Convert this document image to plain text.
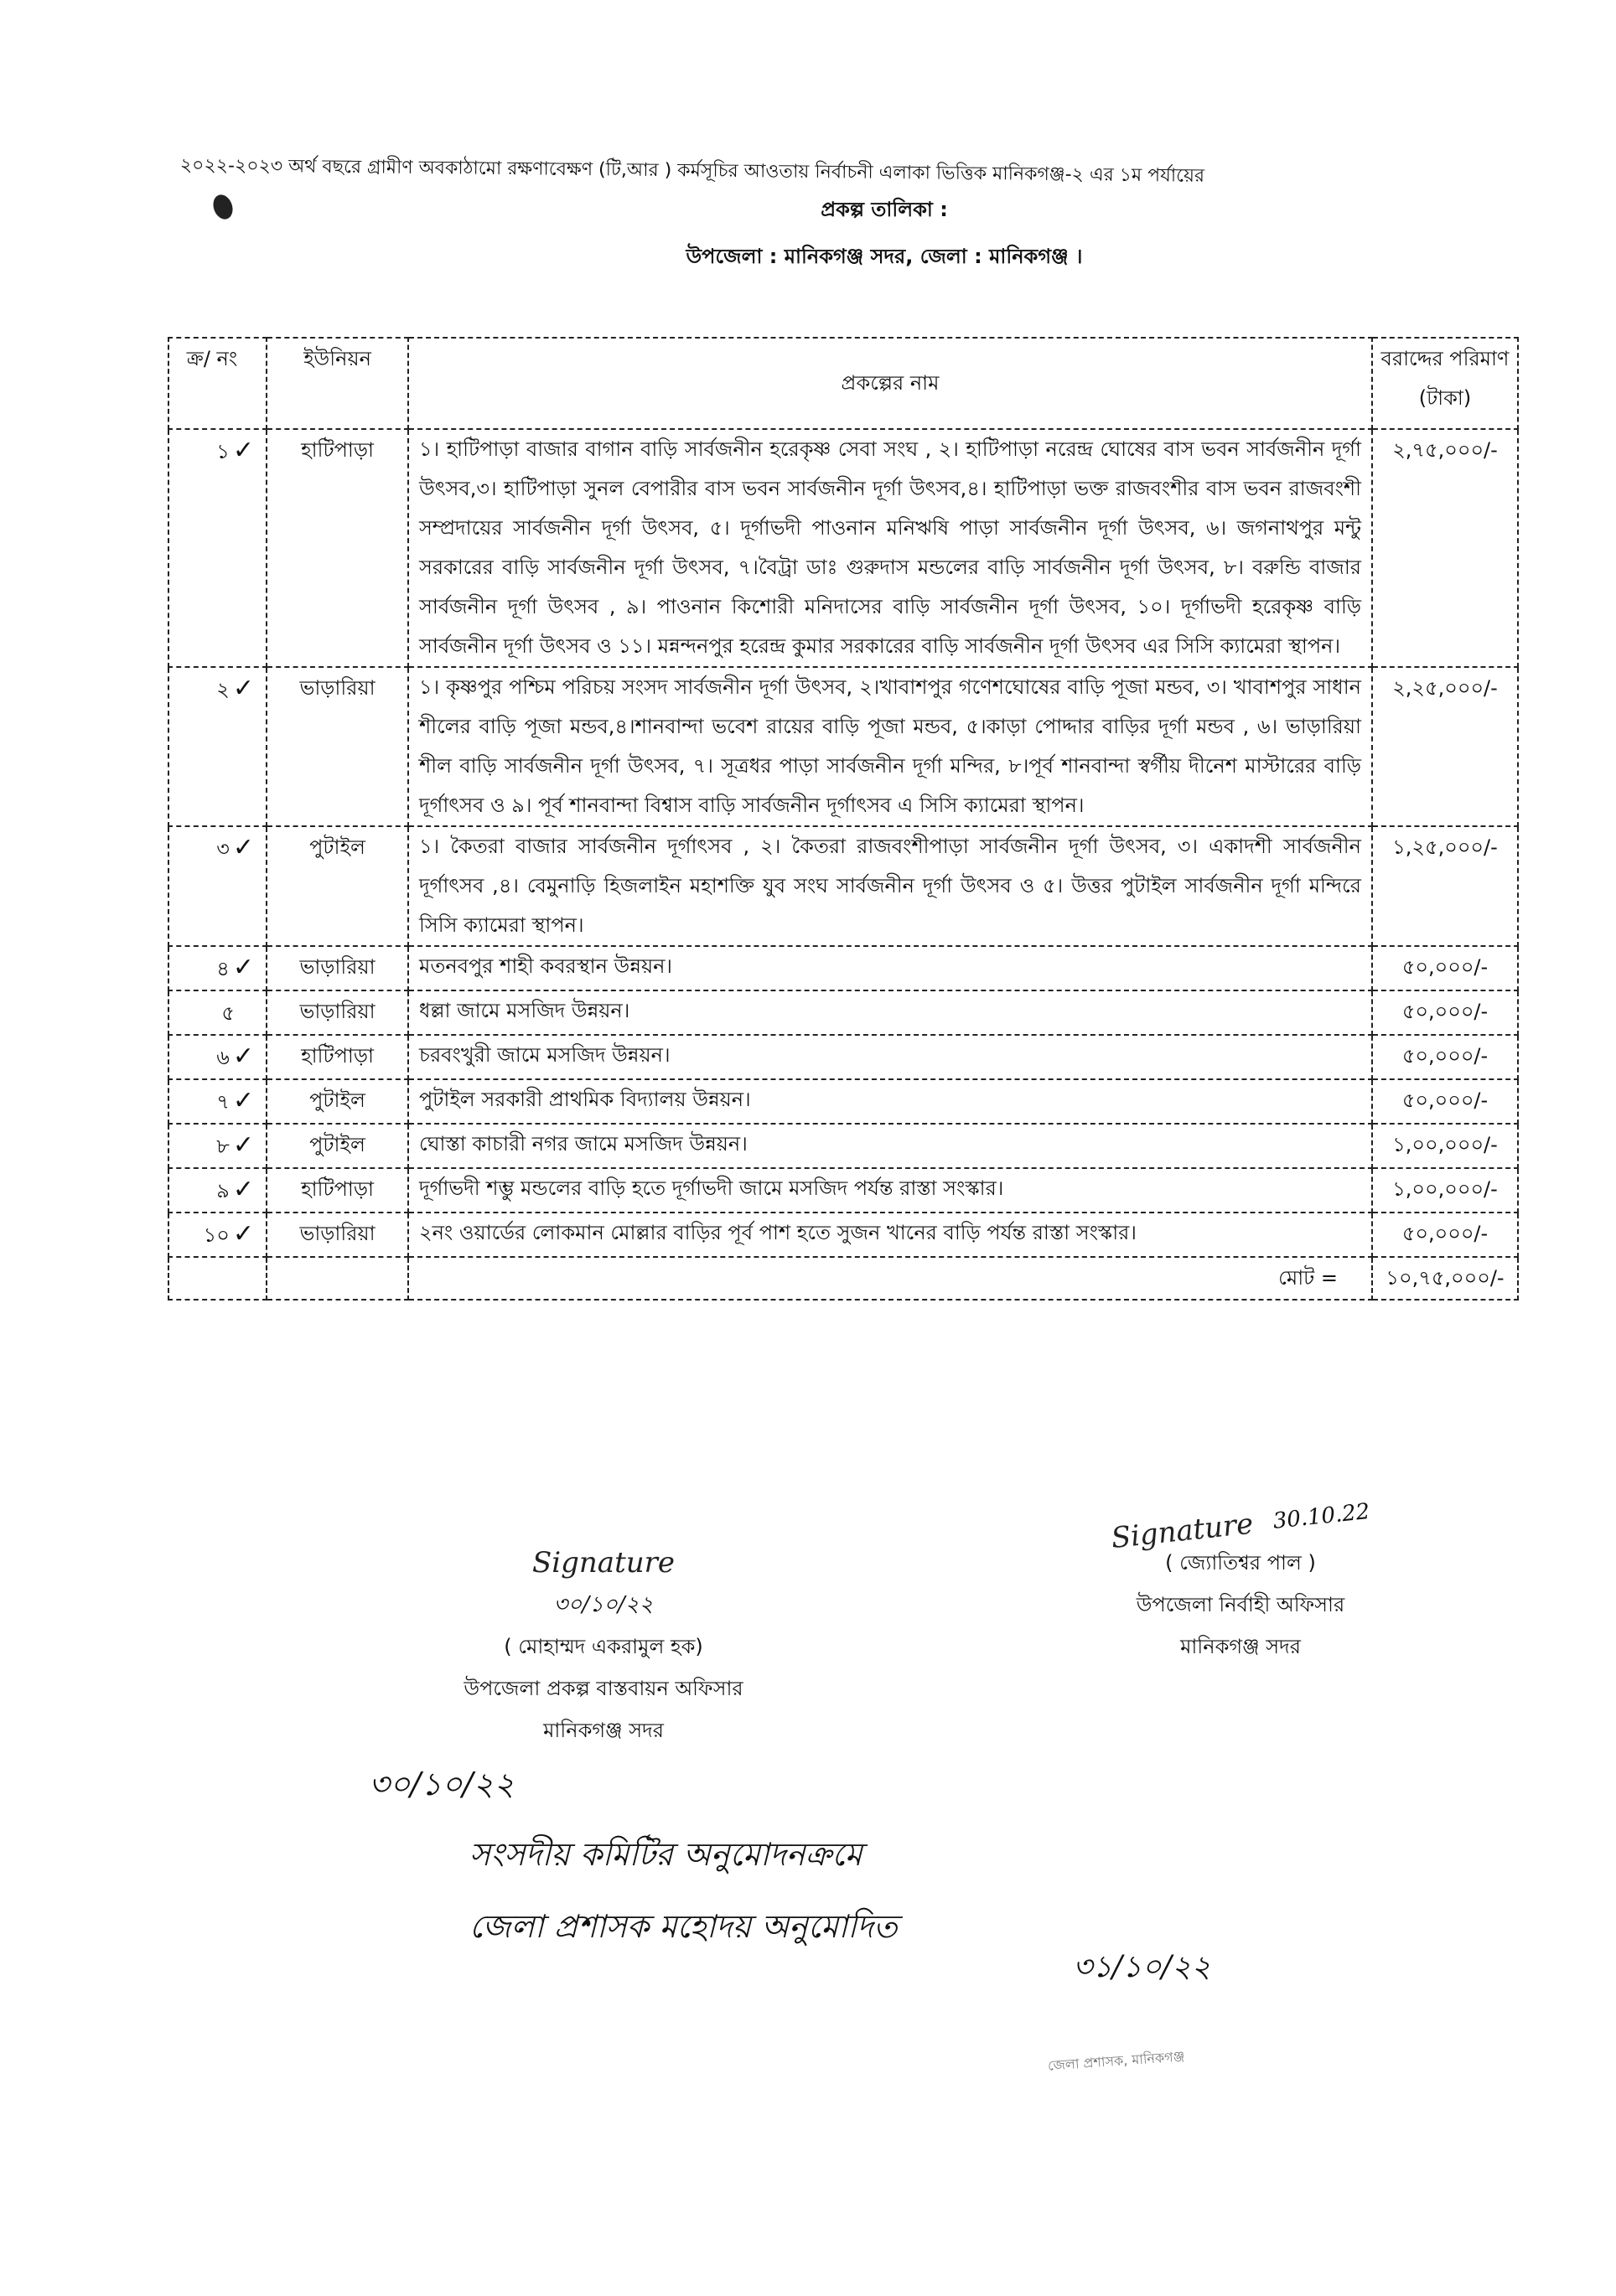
২০২২-২০২৩ অর্থ বছরে গ্রামীণ অবকাঠামো রক্ষণাবেক্ষণ (টি,আর ) কর্মসূচির আওতায় নির্বাচনী এলাকা ভিত্তিক মানিকগঞ্জ-২ এর ১ম পর্যায়ের
প্রকল্প তালিকা :
উপজেলা : মানিকগঞ্জ সদর, জেলা : মানিকগঞ্জ ।
ক্র/ নং	ইউনিয়ন	প্রকল্পের নাম	বরাদ্দের পরিমাণ
(টাকা)

১ ✓	হাটিপাড়া	১। হাটিপাড়া বাজার বাগান বাড়ি সার্বজনীন হরেকৃষ্ণ সেবা সংঘ , ২। হাটিপাড়া নরেন্দ্র ঘোষের বাস ভবন সার্বজনীন দূর্গা উৎসব,৩। হাটিপাড়া সুনল বেপারীর বাস ভবন সার্বজনীন দূর্গা উৎসব,৪। হাটিপাড়া ভক্ত রাজবংশীর বাস ভবন রাজবংশী সম্প্রদায়ের সার্বজনীন দূর্গা উৎসব, ৫। দূর্গাভদী পাওনান মনিঋষি পাড়া সার্বজনীন দূর্গা উৎসব, ৬। জগনাথপুর মন্টু সরকারের বাড়ি সার্বজনীন দূর্গা উৎসব, ৭।বৈট্রা ডাঃ গুরুদাস মন্ডলের বাড়ি সার্বজনীন দূর্গা উৎসব, ৮। বরুন্ডি বাজার সার্বজনীন দূর্গা উৎসব , ৯। পাওনান কিশোরী মনিদাসের বাড়ি সার্বজনীন দূর্গা উৎসব, ১০। দূর্গাভদী হরেকৃষ্ণ বাড়ি সার্বজনীন দূর্গা উৎসব ও ১১। মন্নন্দনপুর হরেন্দ্র কুমার সরকারের বাড়ি সার্বজনীন দূর্গা উৎসব এর সিসি ক্যামেরা স্থাপন।	২,৭৫,০০০/-
২ ✓	ভাড়ারিয়া	১। কৃষ্ণপুর পশ্চিম পরিচয় সংসদ সার্বজনীন দূর্গা উৎসব, ২।খাবাশপুর গণেশঘোষের বাড়ি পূজা মন্ডব, ৩। খাবাশপুর সাধান শীলের বাড়ি পূজা মন্ডব,৪।শানবান্দা ভবেশ রায়ের বাড়ি পূজা মন্ডব, ৫।কাড়া পোদ্দার বাড়ির দূর্গা মন্ডব , ৬। ভাড়ারিয়া শীল বাড়ি সার্বজনীন দূর্গা উৎসব, ৭। সূত্রধর পাড়া সার্বজনীন দূর্গা মন্দির, ৮।পূর্ব শানবান্দা স্বর্গীয় দীনেশ মাস্টারের বাড়ি দূর্গাৎসব ও ৯। পূর্ব শানবান্দা বিশ্বাস বাড়ি সার্বজনীন দূর্গাৎসব এ সিসি ক্যামেরা স্থাপন।	২,২৫,০০০/-
৩ ✓	পুটাইল	১। কৈতরা বাজার সার্বজনীন দূর্গাৎসব , ২। কৈতরা রাজবংশীপাড়া সার্বজনীন দূর্গা উৎসব, ৩। একাদশী সার্বজনীন দূর্গাৎসব ,৪। বেমুনাড়ি হিজলাইন মহাশক্তি যুব সংঘ সার্বজনীন দূর্গা উৎসব ও ৫। উত্তর পুটাইল সার্বজনীন দূর্গা মন্দিরে সিসি ক্যামেরা স্থাপন।	১,২৫,০০০/-
৪ ✓	ভাড়ারিয়া	মতনবপুর শাহী কবরস্থান উন্নয়ন।	৫০,০০০/-
৫	ভাড়ারিয়া	ধল্লা জামে মসজিদ উন্নয়ন।	৫০,০০০/-
৬ ✓	হাটিপাড়া	চরবংখুরী জামে মসজিদ উন্নয়ন।	৫০,০০০/-
৭ ✓	পুটাইল	পুটাইল সরকারী প্রাথমিক বিদ্যালয় উন্নয়ন।	৫০,০০০/-
৮ ✓	পুটাইল	ঘোস্তা কাচারী নগর জামে মসজিদ উন্নয়ন।	১,০০,০০০/-
৯ ✓	হাটিপাড়া	দূর্গাভদী শম্ভু মন্ডলের বাড়ি হতে দূর্গাভদী জামে মসজিদ পর্যন্ত রাস্তা সংস্কার।	১,০০,০০০/-
১০ ✓	ভাড়ারিয়া	২নং ওয়ার্ডের লোকমান মোল্লার বাড়ির পূর্ব পাশ হতে সুজন খানের বাড়ি পর্যন্ত রাস্তা সংস্কার।	৫০,০০০/-
		মোট =	১০,৭৫,০০০/-
Signature
৩০/১০/২২
( মোহাম্মদ একরামুল হক)
উপজেলা প্রকল্প বাস্তবায়ন অফিসার
মানিকগঞ্জ সদর
Signature 30.10.22
( জ্যোতিশ্বর পাল )
উপজেলা নির্বাহী অফিসার
মানিকগঞ্জ সদর
৩০/১০/২২
সংসদীয় কমিটির অনুমোদনক্রমে
জেলা প্রশাসক মহোদয় অনুমোদিত
৩১/১০/২২
জেলা প্রশাসক, মানিকগঞ্জ
